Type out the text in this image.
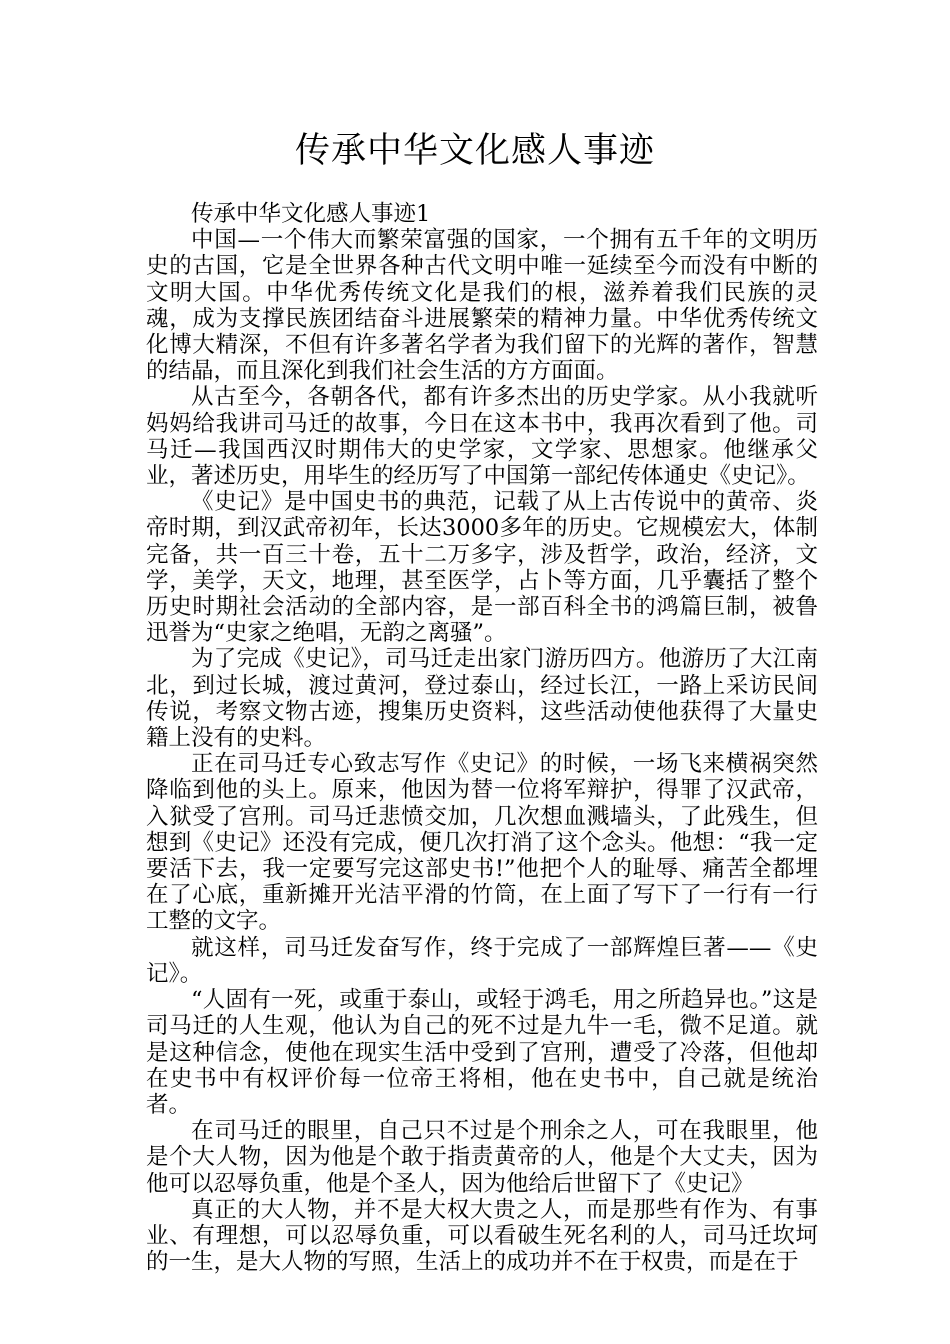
传承中华文化感人事迹

传承中华文化感人事迹1

中国—一个伟大而繁荣富强的国家，一个拥有五千年的文明历史的古国，它是全世界各种古代文明中唯一延续至今而没有中断的文明大国。中华优秀传统文化是我们的根，滋养着我们民族的灵魂，成为支撑民族团结奋斗进展繁荣的精神力量。中华优秀传统文化博大精深，不但有许多著名学者为我们留下的光辉的著作，智慧的结晶，而且深化到我们社会生活的方方面面。

从古至今，各朝各代，都有许多杰出的历史学家。从小我就听妈妈给我讲司马迁的故事，今日在这本书中，我再次看到了他。司马迁—我国西汉时期伟大的史学家，文学家、思想家。他继承父业，著述历史，用毕生的经历写了中国第一部纪传体通史《史记》。

《史记》是中国史书的典范，记载了从上古传说中的黄帝、炎帝时期，到汉武帝初年，长达3000多年的历史。它规模宏大，体制完备，共一百三十卷，五十二万多字，涉及哲学，政治，经济，文学，美学，天文，地理，甚至医学，占卜等方面，几乎囊括了整个历史时期社会活动的全部内容，是一部百科全书的鸿篇巨制，被鲁迅誉为“史家之绝唱，无韵之离骚”。

为了完成《史记》，司马迁走出家门游历四方。他游历了大江南北，到过长城，渡过黄河，登过泰山，经过长江，一路上采访民间传说，考察文物古迹，搜集历史资料，这些活动使他获得了大量史籍上没有的史料。

正在司马迁专心致志写作《史记》的时候，一场飞来横祸突然降临到他的头上。原来，他因为替一位将军辩护，得罪了汉武帝，入狱受了宫刑。司马迁悲愤交加，几次想血溅墙头，了此残生，但想到《史记》还没有完成，便几次打消了这个念头。他想：“我一定要活下去，我一定要写完这部史书!”他把个人的耻辱、痛苦全都埋在了心底，重新摊开光洁平滑的竹筒，在上面了写下了一行有一行工整的文字。

就这样，司马迁发奋写作，终于完成了一部辉煌巨著——《史记》。

“人固有一死，或重于泰山，或轻于鸿毛，用之所趋异也。”这是司马迁的人生观，他认为自己的死不过是九牛一毛，微不足道。就是这种信念，使他在现实生活中受到了宫刑，遭受了冷落，但他却在史书中有权评价每一位帝王将相，他在史书中，自己就是统治者。

在司马迁的眼里，自己只不过是个刑余之人，可在我眼里，他是个大人物，因为他是个敢于指责黄帝的人，他是个大丈夫，因为他可以忍辱负重，他是个圣人，因为他给后世留下了《史记》

真正的大人物，并不是大权大贵之人，而是那些有作为、有事业、有理想，可以忍辱负重，可以看破生死名利的人，司马迁坎坷的一生，是大人物的写照，生活上的成功并不在于权贵，而是在于
